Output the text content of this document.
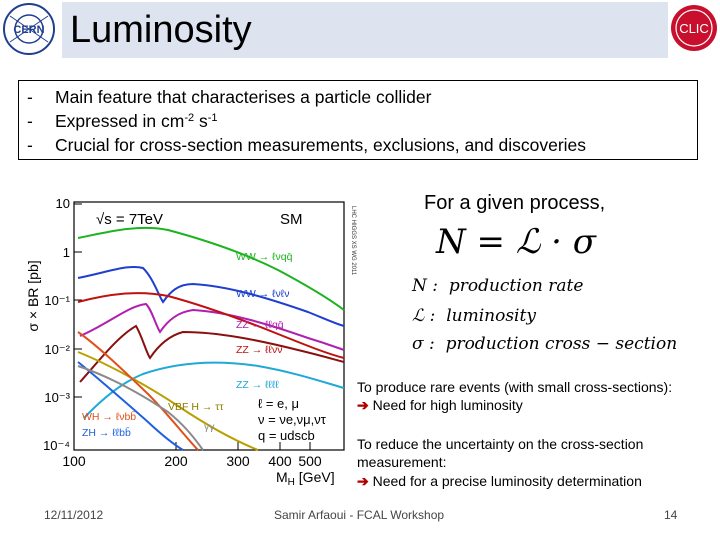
CERN Luminosity	CLIC
- Main feature that characterises a particle collider
- Expressed in $cm^{-2}$ $s^{-1}$
- Crucial for cross-section measurements, exclusions, and discoveries
σ × BR [pb]
10
1
10⁻¹
10⁻²
10⁻³
10⁻⁴
100	200	300 400 500
$M_H$ [GeV]
√s = 7TeV	SM	LHC HIGGS XS WG 2011
WW → ℓνqq̄
WW → ℓνℓν
ZZ → ℓℓqq̄
ZZ → ℓℓνν
ZZ → ℓℓℓℓ
VBF H → ττ
WH → ℓνbb̄
ZH → ℓℓbb̄	γγ
ℓ = e, μ
ν = νe,νμ,ντ
q = udscb
For a given process,
N = ℒ · σ
N :  production rate
ℒ :  luminosity
σ :  production cross − section
To produce rare events (with small cross-sections):
➔ Need for high luminosity
To reduce the uncertainty on the cross-section
measurement:
➔ Need for a precise luminosity determination
12/11/2012	Samir Arfaoui - FCAL Workshop	14
